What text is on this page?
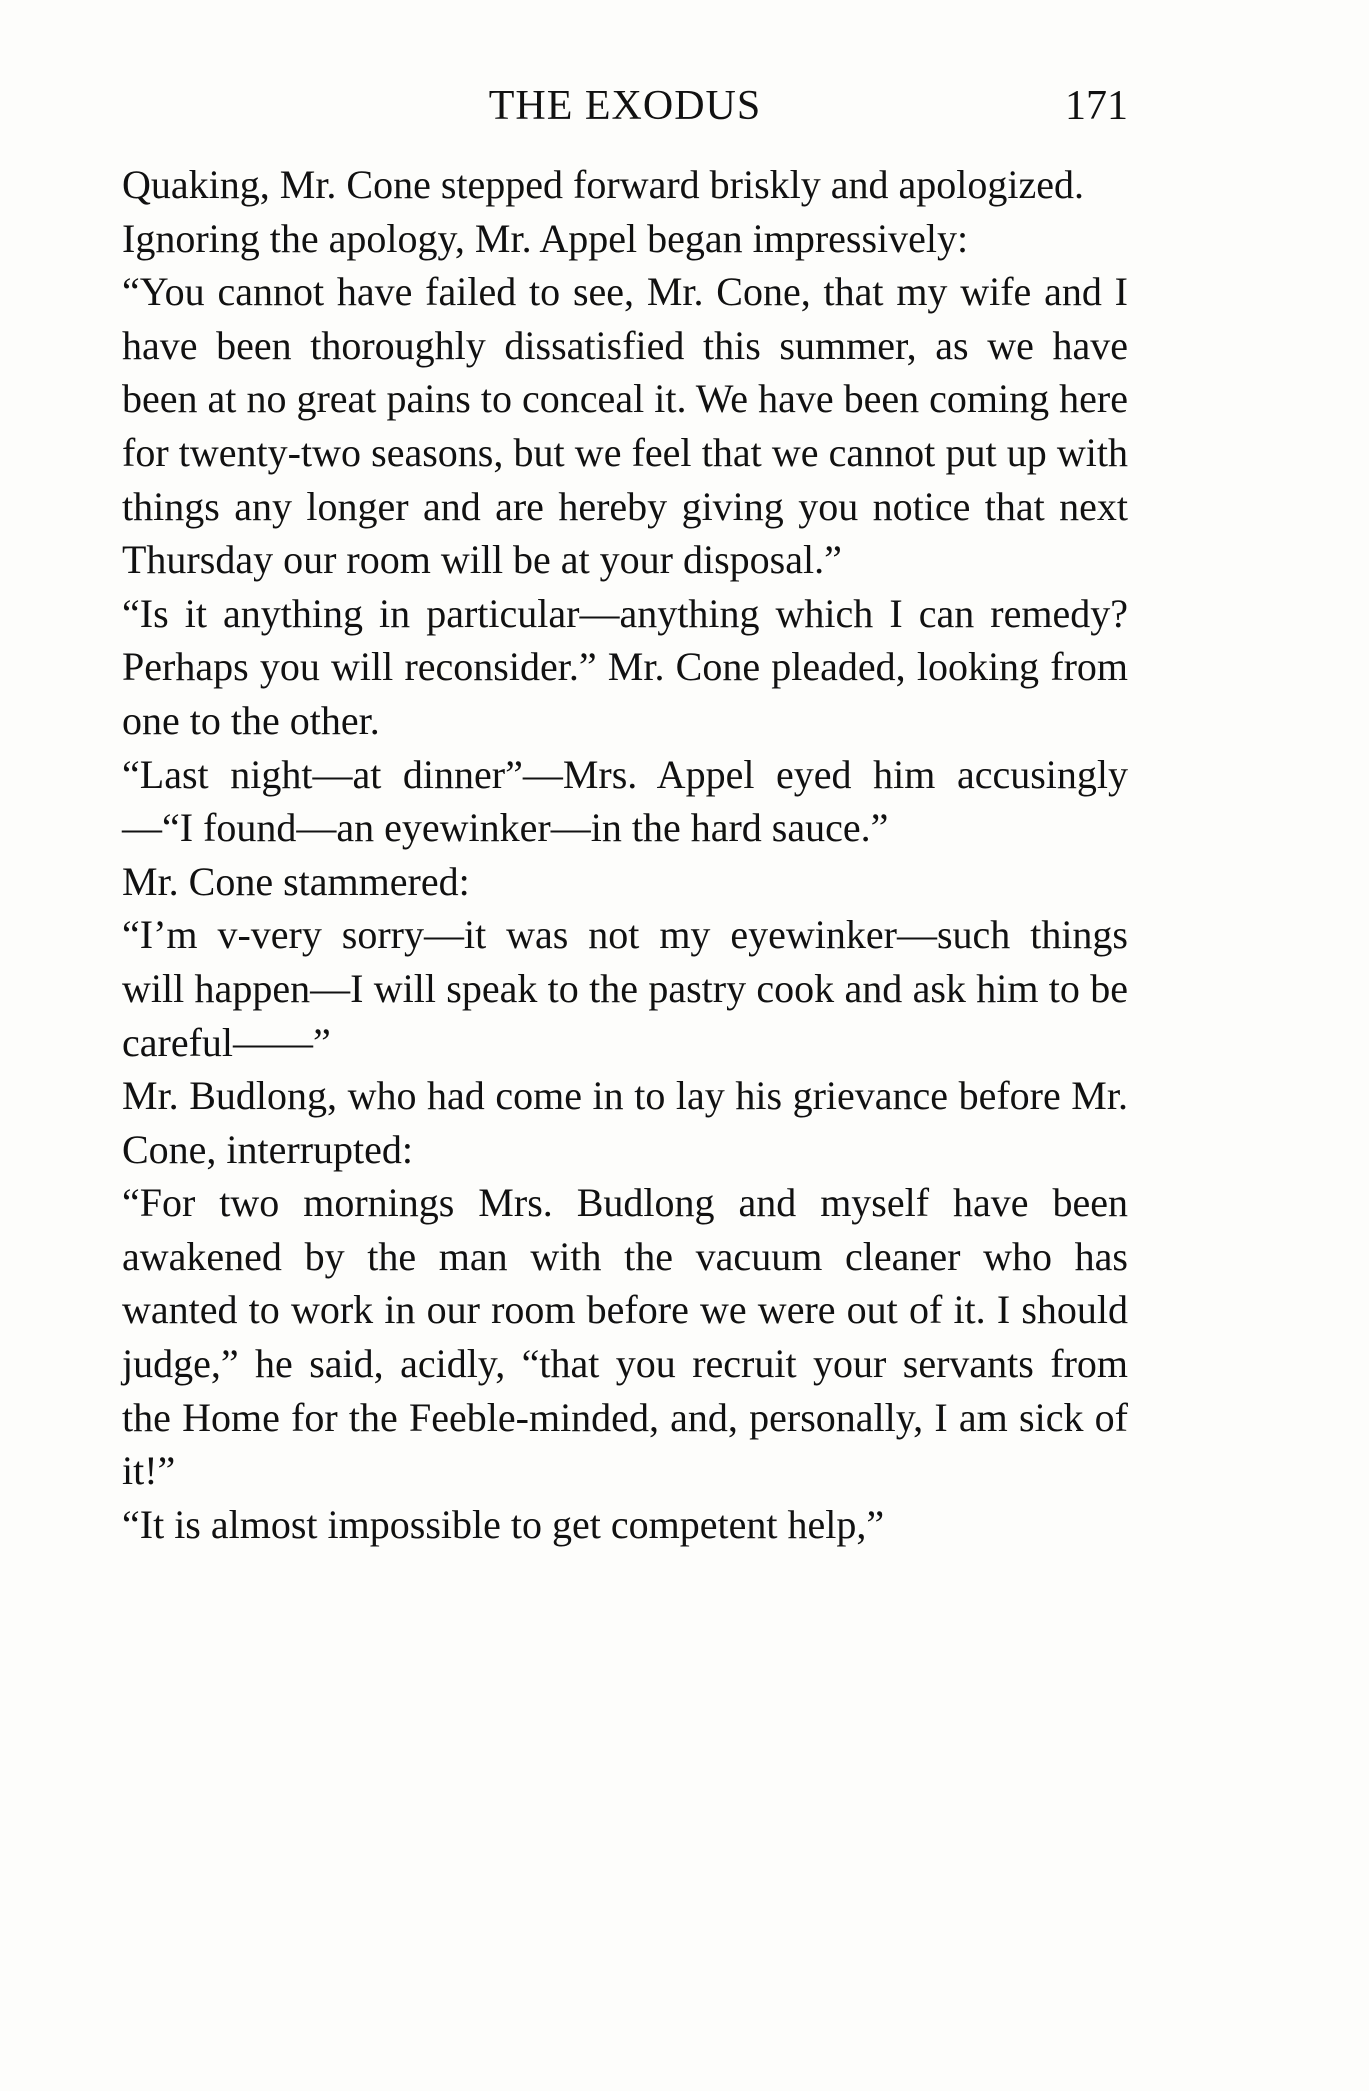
THE EXODUS	171

Quaking, Mr. Cone stepped forward briskly and apologized.

Ignoring the apology, Mr. Appel began impressively:

“You cannot have failed to see, Mr. Cone, that my wife and I have been thoroughly dissatisfied this summer, as we have been at no great pains to conceal it. We have been coming here for twenty-two seasons, but we feel that we cannot put up with things any longer and are hereby giving you notice that next Thursday our room will be at your disposal.”

“Is it anything in particular—anything which I can remedy? Perhaps you will reconsider.” Mr. Cone pleaded, looking from one to the other.

“Last night—at dinner”—Mrs. Appel eyed him accusingly—“I found—an eyewinker—in the hard sauce.”

Mr. Cone stammered:

“I’m v-very sorry—it was not my eyewinker—such things will happen—I will speak to the pastry cook and ask him to be careful——”

Mr. Budlong, who had come in to lay his grievance before Mr. Cone, interrupted:

“For two mornings Mrs. Budlong and myself have been awakened by the man with the vacuum cleaner who has wanted to work in our room before we were out of it. I should judge,” he said, acidly, “that you recruit your servants from the Home for the Feeble-minded, and, personally, I am sick of it!”

“It is almost impossible to get competent help,”
